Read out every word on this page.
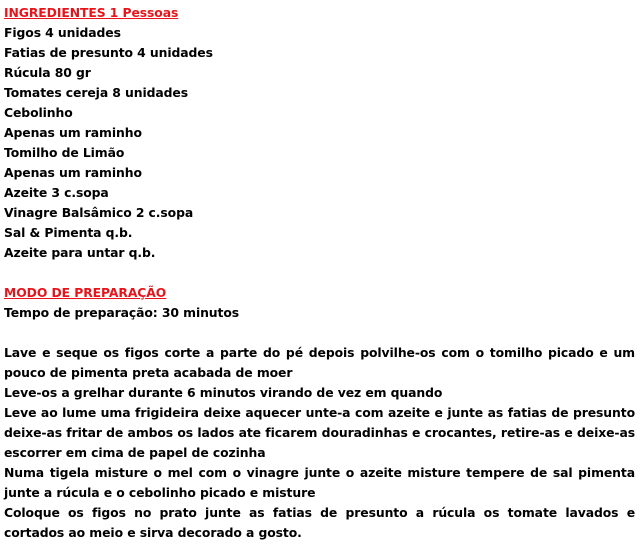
INGREDIENTES 1 Pessoas
Figos 4 unidades
Fatias de presunto 4 unidades
Rúcula 80 gr
Tomates cereja 8 unidades
Cebolinho
Apenas um raminho
Tomilho de Limão
Apenas um raminho
Azeite 3 c.sopa
Vinagre Balsâmico 2 c.sopa
Sal & Pimenta q.b.
Azeite para untar q.b.
MODO DE PREPARAÇÃO
Tempo de preparação: 30 minutos
Lave e seque os figos corte a parte do pé depois polvilhe-os com o tomilho picado e um pouco de pimenta preta acabada de moer
Leve-os a grelhar durante 6 minutos virando de vez em quando
Leve ao lume uma frigideira deixe aquecer unte-a com azeite e junte as fatias de presunto deixe-as fritar de ambos os lados ate ficarem douradinhas e crocantes, retire-as e deixe-as escorrer em cima de papel de cozinha
Numa tigela misture o mel com o vinagre junte o azeite misture tempere de sal pimenta junte a rúcula e o cebolinho picado e misture
Coloque os figos no prato junte as fatias de presunto a rúcula os tomate lavados e cortados ao meio e sirva decorado a gosto.
